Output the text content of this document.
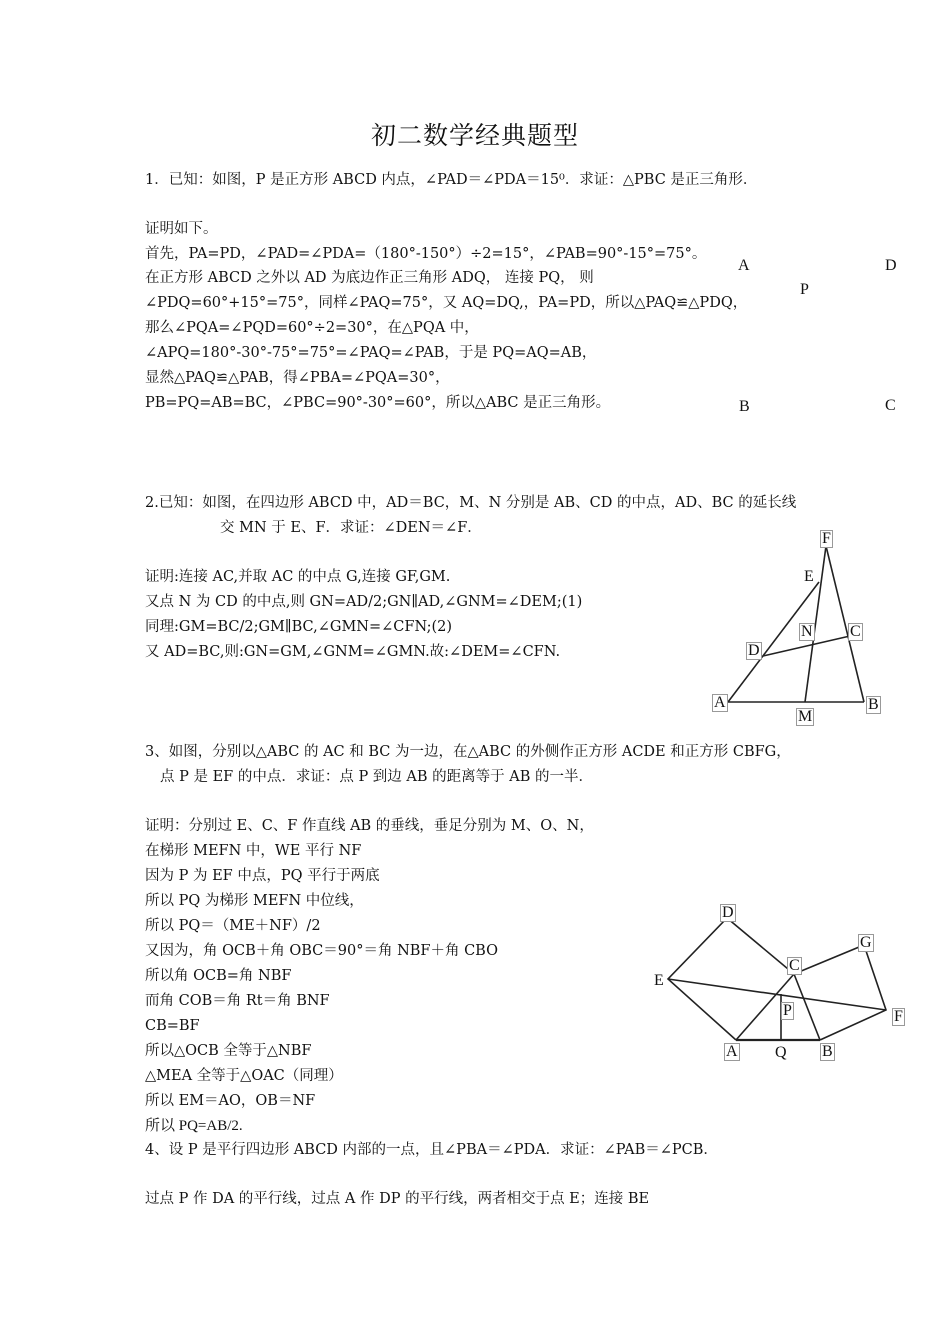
初二数学经典题型
1．已知：如图，P 是正方形 ABCD 内点，∠PAD＝∠PDA＝15⁰．求证：△PBC 是正三角形．
证明如下。
首先，PA=PD，∠PAD=∠PDA=（180°-150°）÷2=15°，∠PAB=90°-15°=75°。
在正方形 ABCD 之外以 AD 为底边作正三角形 ADQ， 连接 PQ， 则
∠PDQ=60°+15°=75°，同样∠PAQ=75°，又 AQ=DQ,，PA=PD，所以△PAQ≌△PDQ，
那么∠PQA=∠PQD=60°÷2=30°，在△PQA 中，
∠APQ=180°-30°-75°=75°=∠PAQ=∠PAB，于是 PQ=AQ=AB，
显然△PAQ≌△PAB，得∠PBA=∠PQA=30°，
PB=PQ=AB=BC，∠PBC=90°-30°=60°，所以△ABC 是正三角形。
A	D
P
B	C
2.已知：如图，在四边形 ABCD 中，AD＝BC，M、N 分别是 AB、CD 的中点，AD、BC 的延长线
交 MN 于 E、F．求证：∠DEN＝∠F．
证明:连接 AC,并取 AC 的中点 G,连接 GF,GM.
又点 N 为 CD 的中点,则 GN=AD/2;GN∥AD,∠GNM=∠DEM;(1)
同理:GM=BC/2;GM∥BC,∠GMN=∠CFN;(2)
又 AD=BC,则:GN=GM,∠GNM=∠GMN.故:∠DEM=∠CFN.
F
E
N C
D
A
M
B
3、如图，分别以△ABC 的 AC 和 BC 为一边，在△ABC 的外侧作正方形 ACDE 和正方形 CBFG，
点 P 是 EF 的中点．求证：点 P 到边 AB 的距离等于 AB 的一半．
证明：分别过 E、C、F 作直线 AB 的垂线，垂足分别为 M、O、N，
在梯形 MEFN 中，WE 平行 NF
因为 P 为 EF 中点，PQ 平行于两底
所以 PQ 为梯形 MEFN 中位线，
所以 PQ＝（ME＋NF）/2
又因为，角 OCB＋角 OBC＝90°＝角 NBF＋角 CBO
所以角 OCB=角 NBF
而角 COB＝角 Rt＝角 BNF
CB=BF
所以△OCB 全等于△NBF
△MEA 全等于△OAC（同理）
所以 EM＝AO，OB＝NF
所以 PQ=AB/2.
D
G
C
E
P	F
A Q B
4、设 P 是平行四边形 ABCD 内部的一点，且∠PBA＝∠PDA．求证：∠PAB＝∠PCB．
过点 P 作 DA 的平行线，过点 A 作 DP 的平行线，两者相交于点 E；连接 BE
